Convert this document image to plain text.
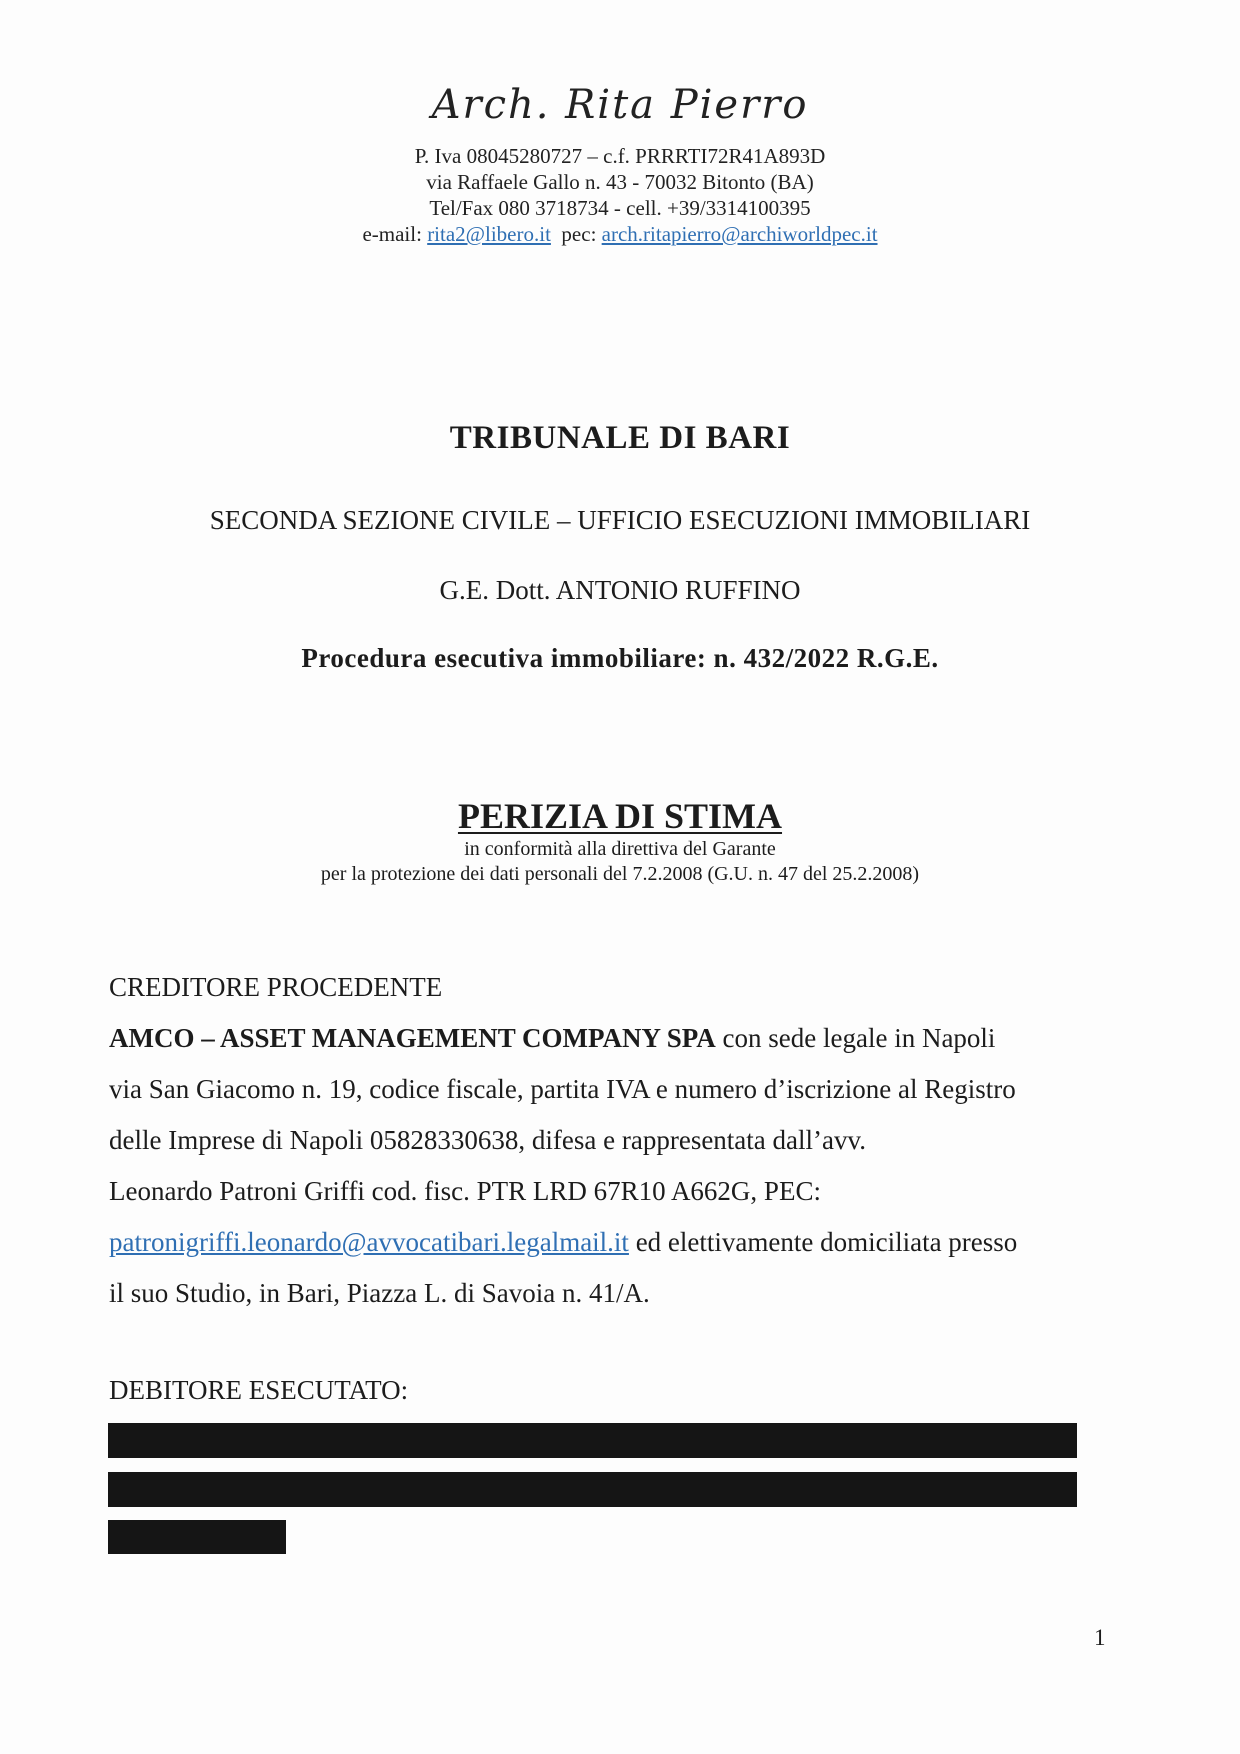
Arch. Rita Pierro
P. Iva 08045280727 – c.f. PRRRTI72R41A893D
via Raffaele Gallo n. 43 - 70032 Bitonto (BA)
Tel/Fax 080 3718734 - cell. +39/3314100395
e-mail: rita2@libero.it pec: arch.ritapierro@archiworldpec.it
TRIBUNALE DI BARI
SECONDA SEZIONE CIVILE – UFFICIO ESECUZIONI IMMOBILIARI
G.E. Dott. ANTONIO RUFFINO
Procedura esecutiva immobiliare: n. 432/2022 R.G.E.
PERIZIA DI STIMA
in conformità alla direttiva del Garante
per la protezione dei dati personali del 7.2.2008 (G.U. n. 47 del 25.2.2008)
CREDITORE PROCEDENTE
AMCO – ASSET MANAGEMENT COMPANY SPA con sede legale in Napoli
via San Giacomo n. 19, codice fiscale, partita IVA e numero d’iscrizione al Registro
delle Imprese di Napoli 05828330638, difesa e rappresentata dall’avv.
Leonardo Patroni Griffi cod. fisc. PTR LRD 67R10 A662G, PEC:
patronigriffi.leonardo@avvocatibari.legalmail.it ed elettivamente domiciliata presso
il suo Studio, in Bari, Piazza L. di Savoia n. 41/A.
DEBITORE ESECUTATO:
1
